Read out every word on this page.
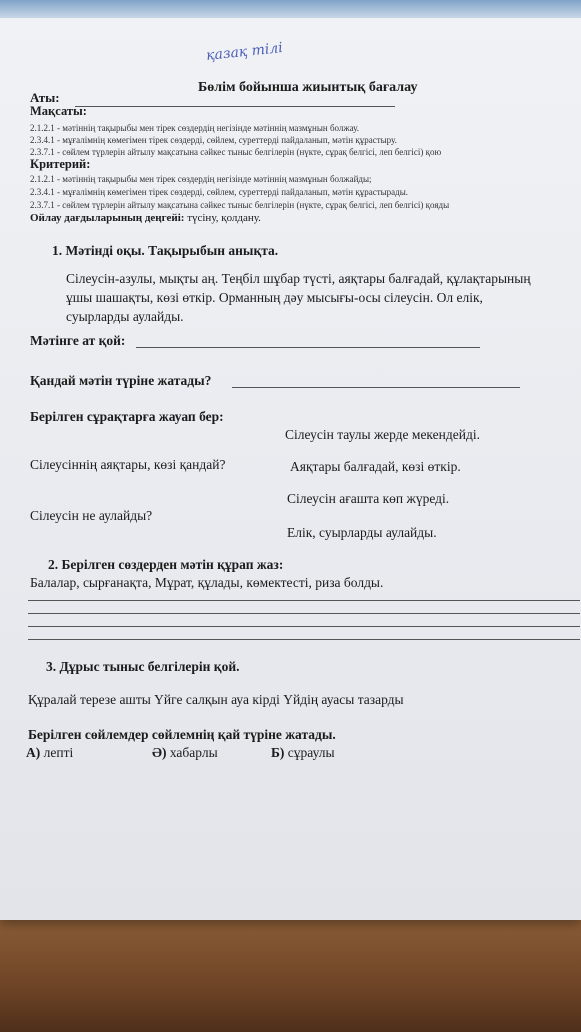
қазақ тілі
Бөлім бойынша жиынтық бағалау
Аты:
Мақсаты:
2.1.2.1 - мәтіннің тақырыбы мен тірек сөздердің негізінде мәтіннің мазмұнын болжау.
2.3.4.1 - мұғалімнің көмегімен тірек сөздерді, сөйлем, суреттерді пайдаланып, мәтін құрастыру.
2.3.7.1 - сөйлем түрлерін айтылу мақсатына сәйкес тыныс белгілерін (нүкте, сұрақ белгісі, леп белгісі) қою
Критерий:
2.1.2.1 - мәтіннің тақырыбы мен тірек сөздердің негізінде мәтіннің мазмұнын болжайды;
2.3.4.1 - мұғалімнің көмегімен тірек сөздерді, сөйлем, суреттерді пайдаланып, мәтін құрастырады.
2.3.7.1 - сөйлем түрлерін айтылу мақсатына сәйкес тыныс белгілерін (нүкте, сұрақ белгісі, леп белгісі) қояды
Ойлау дағдыларының деңгейі: түсіну, қолдану.
1. Мәтінді оқы. Тақырыбын анықта.
Сілеусін-азулы, мықты аң. Теңбіл шұбар түсті, аяқтары балғадай, құлақтарының
ұшы шашақты, көзі өткір. Орманның дәу мысығы-осы сілеусін. Ол елік,
суырларды аулайды.
Мәтінге ат қой:
Қандай мәтін түріне жатады?
Берілген сұрақтарға жауап бер:
Сілеусін таулы жерде мекендейді.
Сілеусіннің аяқтары, көзі қандай?	Аяқтары балғадай, көзі өткір.
Сілеусін ағашта көп жүреді.
Сілеусін не аулайды?
Елік, суырларды аулайды.
2. Берілген сөздерден мәтін құрап жаз:
Балалар, сырғанақта, Мұрат, құлады, көмектесті, риза болды.
3. Дұрыс тыныс белгілерін қой.
Құралай терезе ашты Үйге салқын ауа кірді Үйдің ауасы тазарды
Берілген сөйлемдер сөйлемнің қай түріне жатады.
А) лепті	Ә) хабарлы	Б) сұраулы
